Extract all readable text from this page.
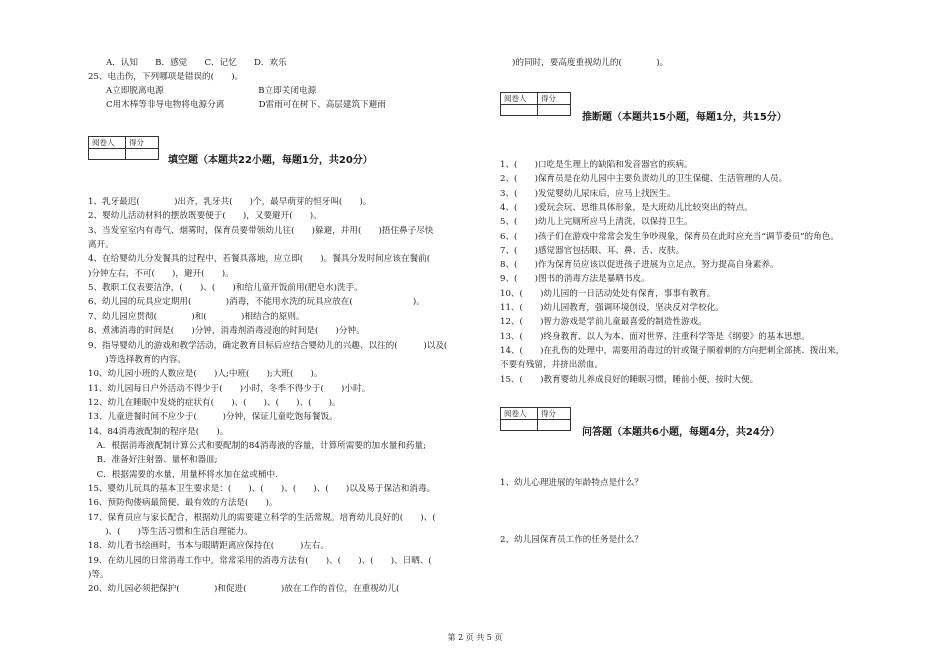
A．认知　　B．感觉　　C．记忆　　D．欢乐
25、电击伤，下列哪项是错误的(　　)。
A立即脱离电源　　　　　　　　　　　B立即关闭电源
C用木棒等非导电物将电源分离　　　　D雷雨可在树下、高层建筑下避雨
阅卷人	得分

填空题（本题共22小题，每题1分，共20分）
1、乳牙最迟(　　　　)出齐，乳牙共(　　)个，最早萌芽的恒牙叫(　　)。
2、婴幼儿活动材料的摆放既要便于(　　)，又要避开(　　)。
3、当发室室内有毒气、烟雾时，保育员要带领幼儿往(　　)躲避，并用(　　)捂住鼻子尽快
离开。
4、在给婴幼儿分发餐具的过程中，若餐具落地，应立即(　　)。餐具分发时间应该在餐前(　　
)分钟左右，不可(　　)，避开(　　)。
5、教职工仪表要洁净，(　　)、(　　)和给儿童开饭前用(肥皂水)洗手。
6、幼儿园的玩具应定期用(　　　　)消毒，不能用水洗的玩具应放在(　　　　　　　)。
7、幼儿园应贯彻(　　　　)和(　　　　)相结合的原则。
8、煮沸消毒的时间是(　　)分钟，消毒剂消毒浸泡的时间是(　　)分钟。
9、指导婴幼儿的游戏和教学活动，确定教育目标后应结合婴幼儿的兴趣、以往的(　　　)以及(
　　)等选择教育的内容。
10、幼儿园小班的人数应是(　　)人;中班(　　);大班(　　)。
11、幼儿园每日户外活动不得少于(　　)小时，冬季不得少于(　　)小时。
12、幼儿在睡眠中发烧的症状有(　　)、(　　)、(　　)、(　　)。
13、儿童进餐时间不应少于(　　　)分钟，保证儿童吃饱每餐饭。
14、84消毒液配制的程序是(　　)。
　A．根据消毒液配制计算公式和要配制的84消毒液的容量，计算所需要的加水量和药量;
　B．准备好注射器、量杯和器皿;
　C．根据需要的水量，用量杯将水加在盆或桶中.
15、婴幼儿玩具的基本卫生要求是：(　　)、(　　)、(　　)、(　　)以及易于保洁和消毒。
16、预防佝偻病最简便、最有效的方法是(　　)。
17、保育员应与家长配合，根据幼儿的需要建立科学的生活常规。培育幼儿良好的(　　)、(
　　)、(　　)等生活习惯和生活自理能力。
18、幼儿看书绘画时，书本与眼睛距离应保持在(　　　)左右。
19、在幼儿园的日常消毒工作中，常常采用的消毒方法有(　　)、(　　)、(　　)、日晒、(
)等。
20、幼儿园必须把保护(　　　　)和促进(　　　　)放在工作的首位，在重视幼儿(
)的同时，要高度重视幼儿的(　　　　)。
阅卷人	得分

推断题（本题共15小题，每题1分，共15分）
1、(　　)口吃是生理上的缺陷和发音器官的疾病。
2、(　　)保育员是在幼儿园中主要负责幼儿的卫生保健、生活管理的人员。
3、(　　)发觉婴幼儿尿床后，应马上找医生。
4、(　　)爱玩会玩、思维具体形象，是大班幼儿比较突出的特点。
5、(　　)幼儿上完厕所应马上清洗，以保持卫生。
6、(　　)孩子们在游戏中常常会发生争吵现象，保育员在此时应充当“调节委员”的角色。
7、(　　)感觉器官包括眼、耳、鼻、舌、皮肤。
8、(　　)作为保育员应该以促进孩子进展为立足点，努力提高自身素养。
9、(　　)图书的消毒方法是暴晒书皮。
10、(　　)幼儿园的一日活动处处有保育，事事有教育。
11、(　　)幼儿园教育，强调环境创设，坚决反对学校化。
12、(　　)智力游戏是学前儿童最喜爱的制造性游戏。
13、(　　)终身教育、以人为本、面对世界、注重科学等是《纲要》的基本思想。
14、(　　)在扎伤的处理中，需要用消毒过的针或镊子顺着刺的方向把刺全部挑、拨出来，
不要有残留，并挤出淤血。
15、(　　)教育婴幼儿养成良好的睡眠习惯，睡前小便，按时大便。
阅卷人	得分

问答题（本题共6小题，每题4分，共24分）
1、幼儿心理进展的年龄特点是什么？
2、幼儿园保育员工作的任务是什么？
第 2 页 共 5 页
